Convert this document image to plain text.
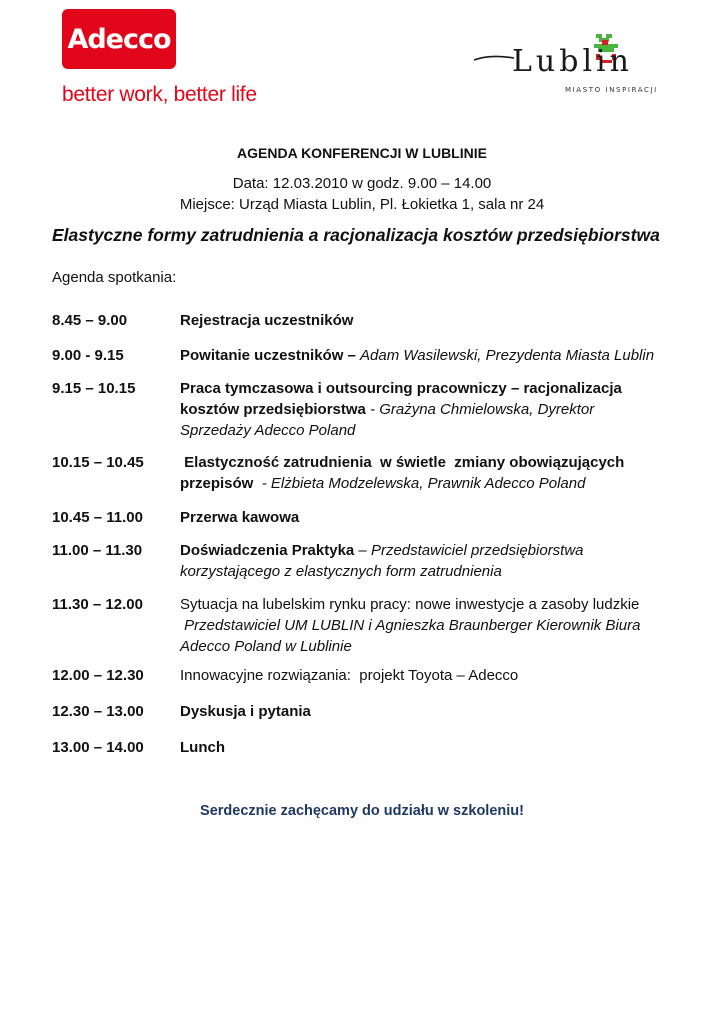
Adecco
better work, better life
Lublin
MIASTO INSPIRACJI
AGENDA KONFERENCJI W LUBLINIE
Data: 12.03.2010 w godz. 9.00 – 14.00
Miejsce: Urząd Miasta Lublin, Pl. Łokietka 1, sala nr 24
Elastyczne formy zatrudnienia a racjonalizacja kosztów przedsiębiorstwa
Agenda spotkania:
8.45 – 9.00	Rejestracja uczestników
9.00 - 9.15	Powitanie uczestników – Adam Wasilewski, Prezydenta Miasta Lublin
9.15 – 10.15	Praca tymczasowa i outsourcing pracowniczy – racjonalizacja
kosztów przedsiębiorstwa - Grażyna Chmielowska, Dyrektor
Sprzedaży Adecco Poland
10.15 – 10.45	Elastyczność zatrudnienia  w świetle  zmiany obowiązujących
przepisów  - Elżbieta Modzelewska, Prawnik Adecco Poland
10.45 – 11.00	Przerwa kawowa
11.00 – 11.30	Doświadczenia Praktyka – Przedstawiciel przedsiębiorstwa
korzystającego z elastycznych form zatrudnienia
11.30 – 12.00	Sytuacja na lubelskim rynku pracy: nowe inwestycje a zasoby ludzkie
Przedstawiciel UM LUBLIN i Agnieszka Braunberger Kierownik Biura
Adecco Poland w Lublinie
12.00 – 12.30	Innowacyjne rozwiązania:  projekt Toyota – Adecco
12.30 – 13.00	Dyskusja i pytania
13.00 – 14.00	Lunch
Serdecznie zachęcamy do udziału w szkoleniu!
